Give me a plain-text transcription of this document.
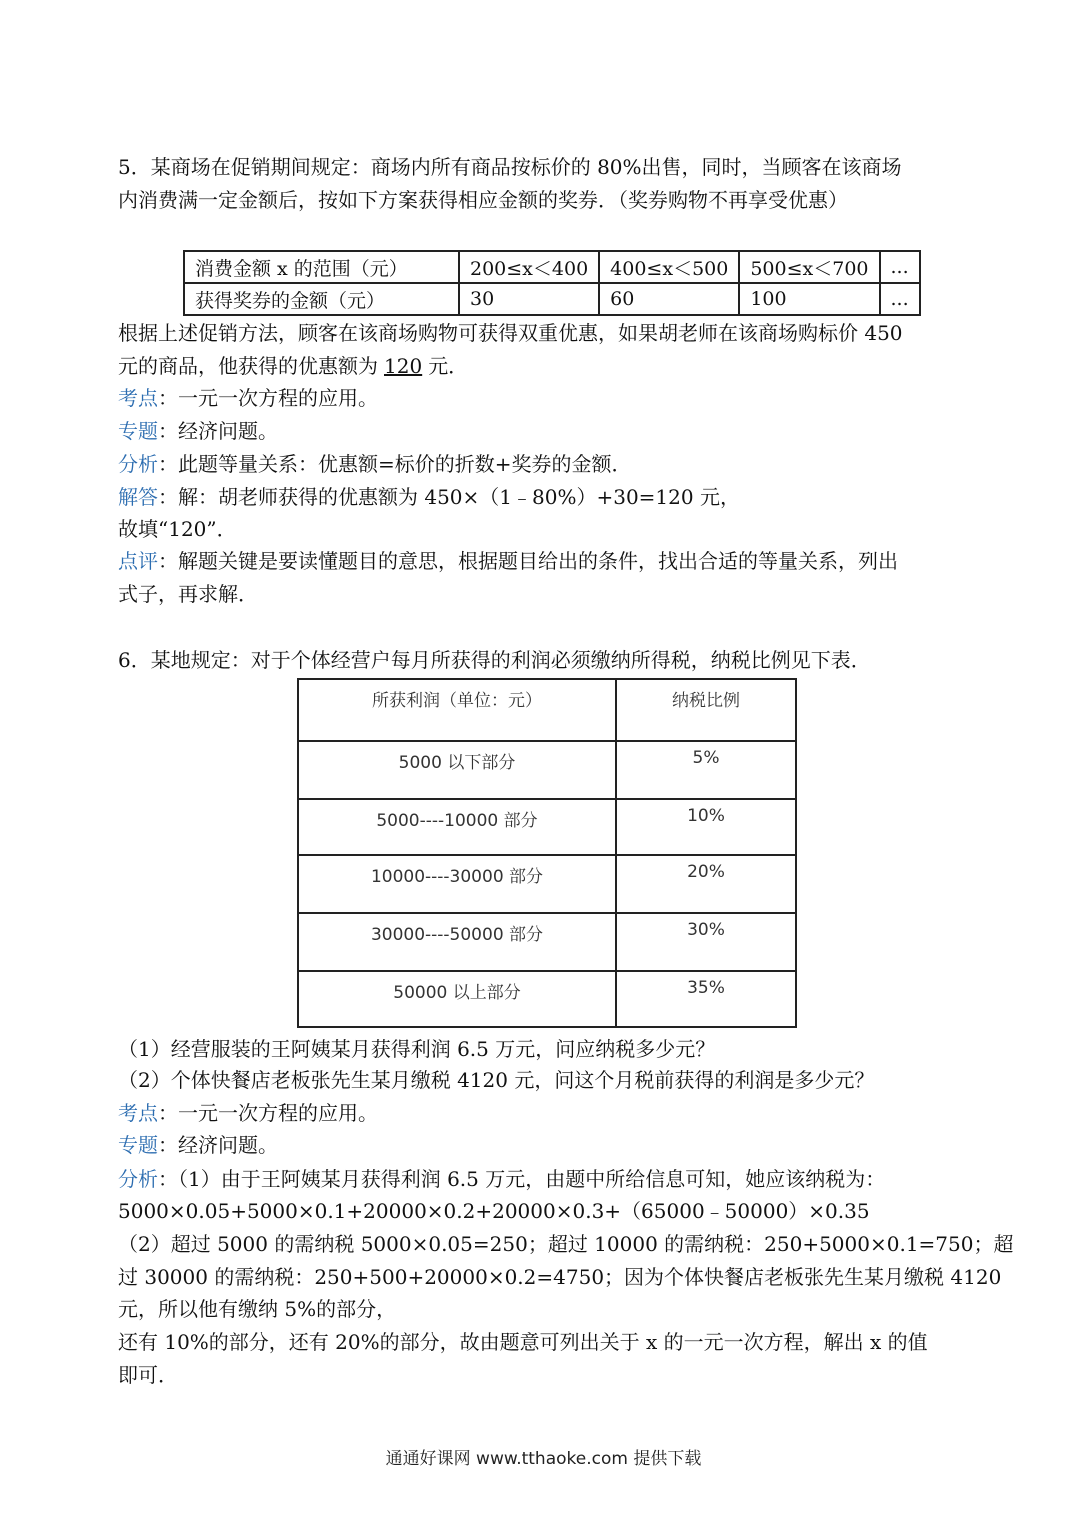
5．某商场在促销期间规定：商场内所有商品按标价的 80%出售，同时，当顾客在该商场
内消费满一定金额后，按如下方案获得相应金额的奖券．（奖券购物不再享受优惠）
消费金额 x 的范围（元）	200≤x＜400	400≤x＜500	500≤x＜700	...
获得奖券的金额（元）	30	60	100	...
根据上述促销方法，顾客在该商场购物可获得双重优惠，如果胡老师在该商场购标价 450
元的商品，他获得的优惠额为 120 元．
考点：一元一次方程的应用。
专题：经济问题。
分析：此题等量关系：优惠额=标价的折数+奖券的金额．
解答：解：胡老师获得的优惠额为 450×（1﹣80%）+30=120 元，
故填“120”．
点评：解题关键是要读懂题目的意思，根据题目给出的条件，找出合适的等量关系，列出
式子，再求解．
6．某地规定：对于个体经营户每月所获得的利润必须缴纳所得税，纳税比例见下表．
所获利润（单位：元）	纳税比例
5000 以下部分	5%
5000----10000 部分	10%
10000----30000 部分	20%
30000----50000 部分	30%
50000 以上部分	35%
（1）经营服装的王阿姨某月获得利润 6.5 万元，问应纳税多少元？
（2）个体快餐店老板张先生某月缴税 4120 元，问这个月税前获得的利润是多少元？
考点：一元一次方程的应用。
专题：经济问题。
分析：（1）由于王阿姨某月获得利润 6.5 万元，由题中所给信息可知，她应该纳税为：
5000×0.05+5000×0.1+20000×0.2+20000×0.3+（65000﹣50000）×0.35
（2）超过 5000 的需纳税 5000×0.05=250；超过 10000 的需纳税：250+5000×0.1=750；超
过 30000 的需纳税：250+500+20000×0.2=4750；因为个体快餐店老板张先生某月缴税 4120
元，所以他有缴纳 5%的部分，
还有 10%的部分，还有 20%的部分，故由题意可列出关于 x 的一元一次方程，解出 x 的值
即可．
通通好课网 www.tthaoke.com 提供下载
